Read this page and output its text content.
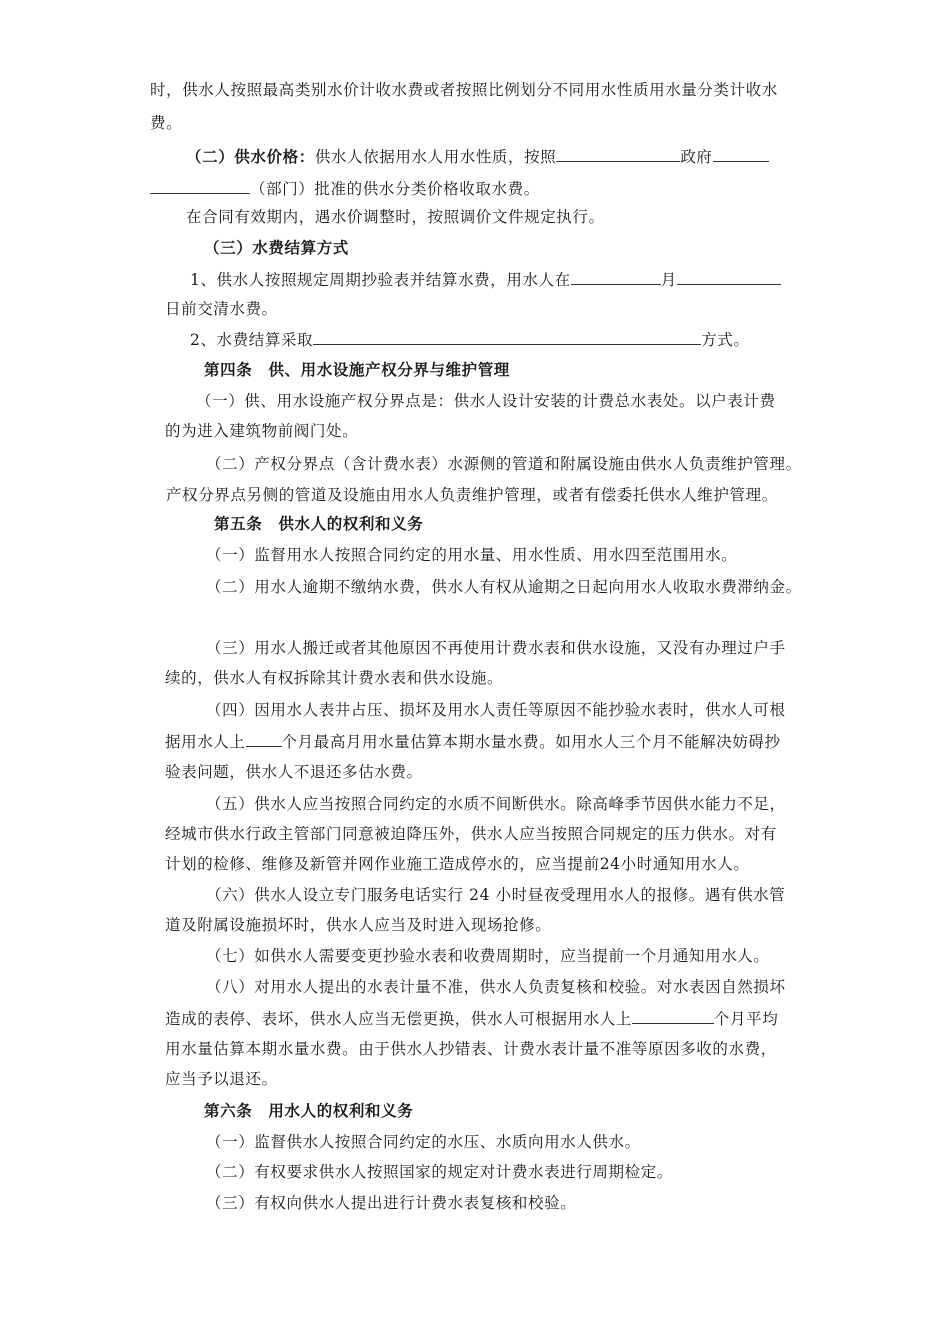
时，供水人按照最高类别水价计收水费或者按照比例划分不同用水性质用水量分类计收水
费。
（二）供水价格：供水人依据用水人用水性质，按照	政府
（部门）批准的供水分类价格收取水费。
在合同有效期内，遇水价调整时，按照调价文件规定执行。
（三）水费结算方式
1、供水人按照规定周期抄验表并结算水费，用水人在	月
日前交清水费。
2、水费结算采取	方式。
第四条　供、用水设施产权分界与维护管理
（一）供、用水设施产权分界点是：供水人设计安装的计费总水表处。以户表计费
的为进入建筑物前阀门处。
（二）产权分界点（含计费水表）水源侧的管道和附属设施由供水人负责维护管理。
产权分界点另侧的管道及设施由用水人负责维护管理，或者有偿委托供水人维护管理。
第五条　供水人的权利和义务
（一）监督用水人按照合同约定的用水量、用水性质、用水四至范围用水。
（二）用水人逾期不缴纳水费，供水人有权从逾期之日起向用水人收取水费滞纳金。
（三）用水人搬迁或者其他原因不再使用计费水表和供水设施，又没有办理过户手
续的，供水人有权拆除其计费水表和供水设施。
（四）因用水人表井占压、损坏及用水人责任等原因不能抄验水表时，供水人可根
据用水人上 个月最高月用水量估算本期水量水费。如用水人三个月不能解决妨碍抄
验表问题，供水人不退还多估水费。
（五）供水人应当按照合同约定的水质不间断供水。除高峰季节因供水能力不足，
经城市供水行政主管部门同意被迫降压外，供水人应当按照合同规定的压力供水。对有
计划的检修、维修及新管并网作业施工造成停水的，应当提前24小时通知用水人。
（六）供水人设立专门服务电话实行 24 小时昼夜受理用水人的报修。遇有供水管
道及附属设施损坏时，供水人应当及时进入现场抢修。
（七）如供水人需要变更抄验水表和收费周期时，应当提前一个月通知用水人。
（八）对用水人提出的水表计量不准，供水人负责复核和校验。对水表因自然损坏
造成的表停、表坏，供水人应当无偿更换，供水人可根据用水人上	个月平均
用水量估算本期水量水费。由于供水人抄错表、计费水表计量不准等原因多收的水费，
应当予以退还。
第六条　用水人的权利和义务
（一）监督供水人按照合同约定的水压、水质向用水人供水。
（二）有权要求供水人按照国家的规定对计费水表进行周期检定。
（三）有权向供水人提出进行计费水表复核和校验。
